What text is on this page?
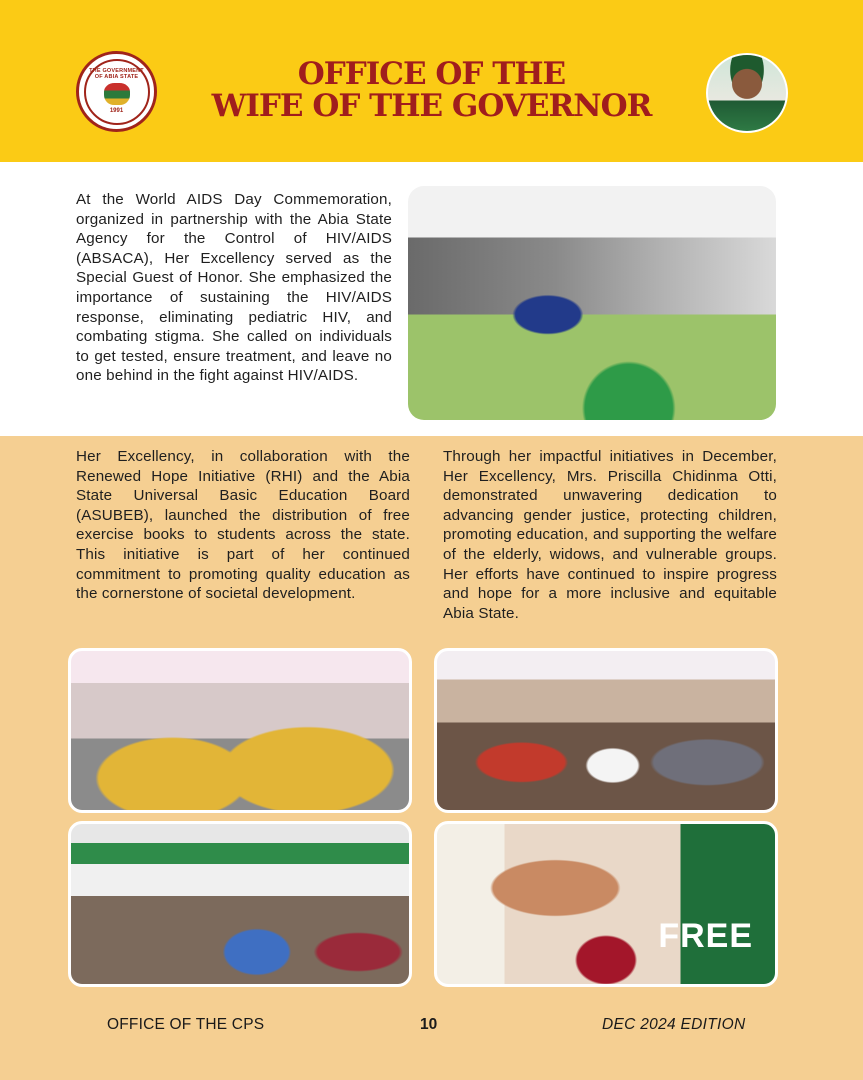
THE GOVERNMENT OF ABIA STATE
1991
OFFICE OF THE
WIFE OF THE GOVERNOR

At the World AIDS Day Commemoration, organized in partnership with the Abia State Agency for the Control of HIV/AIDS (ABSACA), Her Excellency served as the Special Guest of Honor. She emphasized the importance of sustaining the HIV/AIDS response, eliminating pediatric HIV, and combating stigma. She called on individuals to get tested, ensure treatment, and leave no one behind in the fight against HIV/AIDS.

Her Excellency, in collaboration with the Renewed Hope Initiative (RHI) and the Abia State Universal Basic Education Board (ASUBEB), launched the distribution of free exercise books to students across the state. This initiative is part of her continued commitment to promoting quality education as the cornerstone of societal development.

Through her impactful initiatives in December, Her Excellency, Mrs. Priscilla Chidinma Otti, demonstrated unwavering dedication to advancing gender justice, protecting children, promoting education, and supporting the welfare of the elderly, widows, and vulnerable groups. Her efforts have continued to inspire progress and hope for a more inclusive and equitable Abia State.

FREE
OFFICE OF THE CPS	10	DEC 2024 EDITION
